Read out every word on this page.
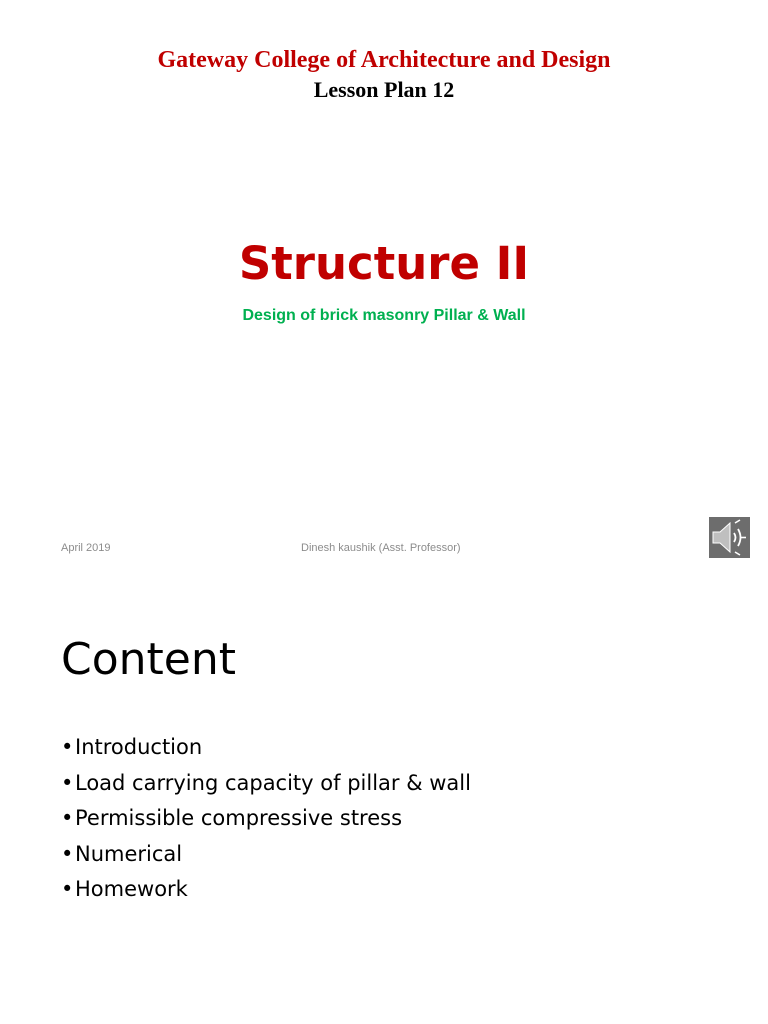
Gateway College of Architecture and Design
Lesson Plan 12
Structure II
Design of brick masonry Pillar & Wall
April 2019	Dinesh kaushik (Asst. Professor)
Content
•Introduction
•Load carrying capacity of pillar & wall
•Permissible compressive stress
•Numerical
•Homework
